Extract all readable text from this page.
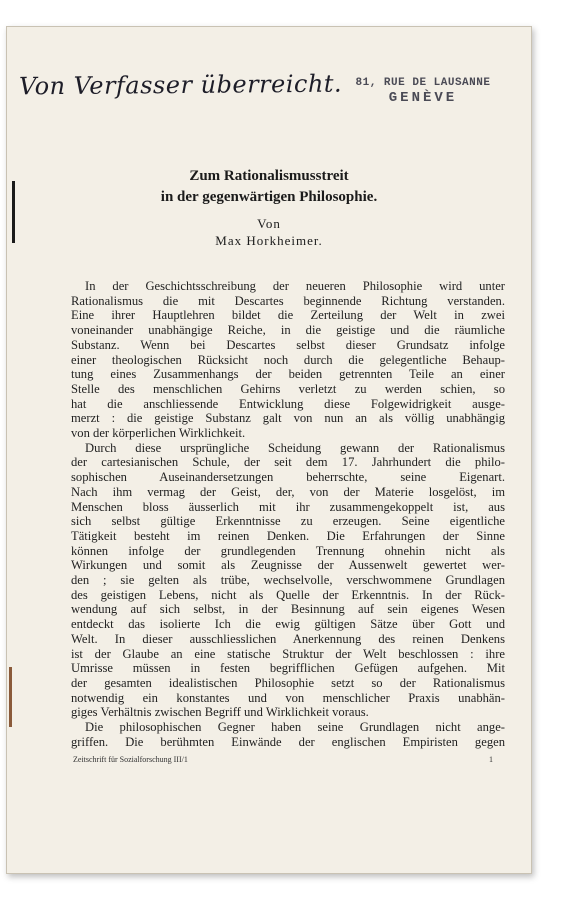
Von Verfasser überreicht. 81, RUE DE LAUSANNE
GENÈVE
Zum Rationalismusstreit
in der gegenwärtigen Philosophie.
Von
Max Horkheimer.
In der Geschichtsschreibung der neueren Philosophie wird unter
Rationalismus die mit Descartes beginnende Richtung verstanden.
Eine ihrer Hauptlehren bildet die Zerteilung der Welt in zwei
voneinander unabhängige Reiche, in die geistige und die räumliche
Substanz. Wenn bei Descartes selbst dieser Grundsatz infolge
einer theologischen Rücksicht noch durch die gelegentliche Behaup-
tung eines Zusammenhangs der beiden getrennten Teile an einer
Stelle des menschlichen Gehirns verletzt zu werden schien, so
hat die anschliessende Entwicklung diese Folgewidrigkeit ausge-
merzt : die geistige Substanz galt von nun an als völlig unabhängig
von der körperlichen Wirklichkeit.
Durch diese ursprüngliche Scheidung gewann der Rationalismus
der cartesianischen Schule, der seit dem 17. Jahrhundert die philo-
sophischen Auseinandersetzungen beherrschte, seine Eigenart.
Nach ihm vermag der Geist, der, von der Materie losgelöst, im
Menschen bloss äusserlich mit ihr zusammengekoppelt ist, aus
sich selbst gültige Erkenntnisse zu erzeugen. Seine eigentliche
Tätigkeit besteht im reinen Denken. Die Erfahrungen der Sinne
können infolge der grundlegenden Trennung ohnehin nicht als
Wirkungen und somit als Zeugnisse der Aussenwelt gewertet wer-
den ; sie gelten als trübe, wechselvolle, verschwommene Grundlagen
des geistigen Lebens, nicht als Quelle der Erkenntnis. In der Rück-
wendung auf sich selbst, in der Besinnung auf sein eigenes Wesen
entdeckt das isolierte Ich die ewig gültigen Sätze über Gott und
Welt. In dieser ausschliesslichen Anerkennung des reinen Denkens
ist der Glaube an eine statische Struktur der Welt beschlossen : ihre
Umrisse müssen in festen begrifflichen Gefügen aufgehen. Mit
der gesamten idealistischen Philosophie setzt so der Rationalismus
notwendig ein konstantes und von menschlicher Praxis unabhän-
giges Verhältnis zwischen Begriff und Wirklichkeit voraus.
Die philosophischen Gegner haben seine Grundlagen nicht ange-
griffen. Die berühmten Einwände der englischen Empiristen gegen
Zeitschrift für Sozialforschung III/1	1
